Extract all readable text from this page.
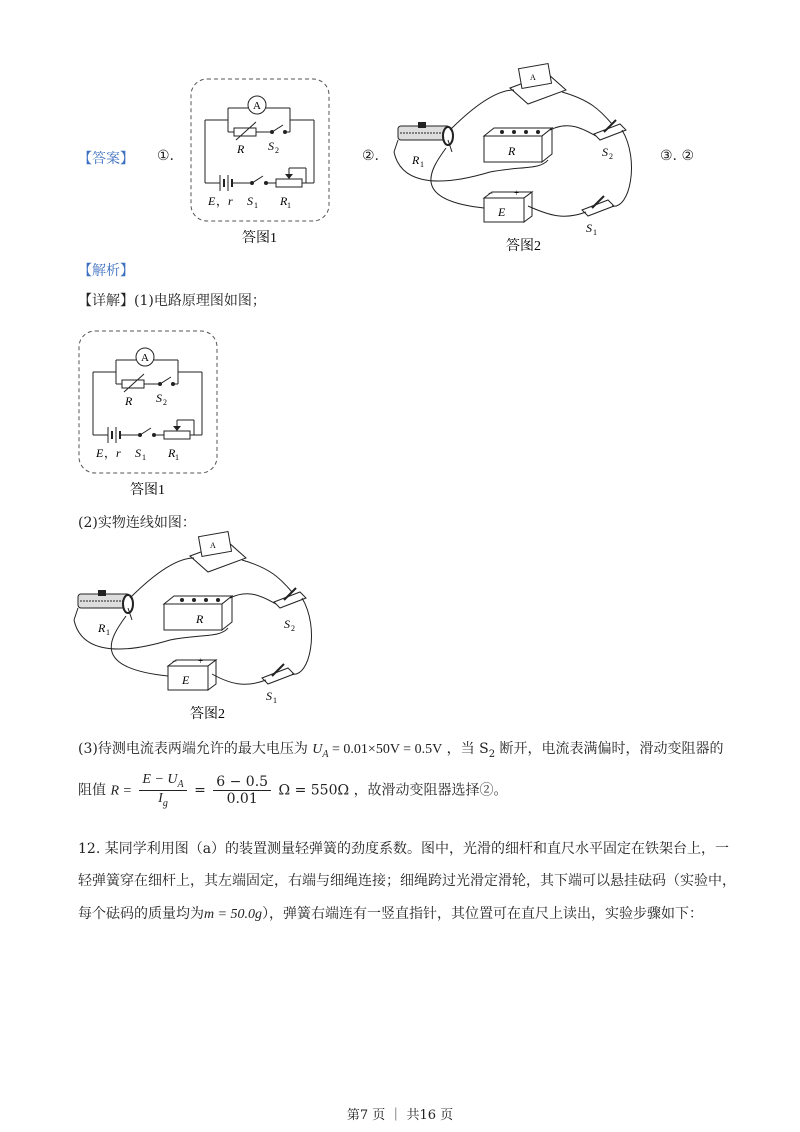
【答案】 ①.
A
R S 2
E ， r S 1 R 1
答图1
②.
A
R 1
R	S 2
E
− +
S 1
答图2
③. ②
【解析】
【详解】(1)电路原理图如图；
A
R S 2
E ， r S 1 R 1
答图1
(2)实物连线如图：
A
R 1
R	S 2
E
− +
S 1
答图2
(3)待测电流表两端允许的最大电压为 $U_A = 0.01\times 50V = 0.5V$ ，当 $S_2$ 断开，电流表满偏时，滑动变阻器的
阻值 $R = \frac{E - U_A}{I_g} = \frac{6 - 0.5}{0.01}$ Ω = 550Ω ，故滑动变阻器选择②。
12. 某同学利用图（a）的装置测量轻弹簧的劲度系数。图中，光滑的细杆和直尺水平固定在铁架台上，一
轻弹簧穿在细杆上，其左端固定，右端与细绳连接；细绳跨过光滑定滑轮，其下端可以悬挂砝码（实验中，
每个砝码的质量均为m = 50.0g），弹簧右端连有一竖直指针，其位置可在直尺上读出，实验步骤如下：
第7 页 ｜ 共16 页
